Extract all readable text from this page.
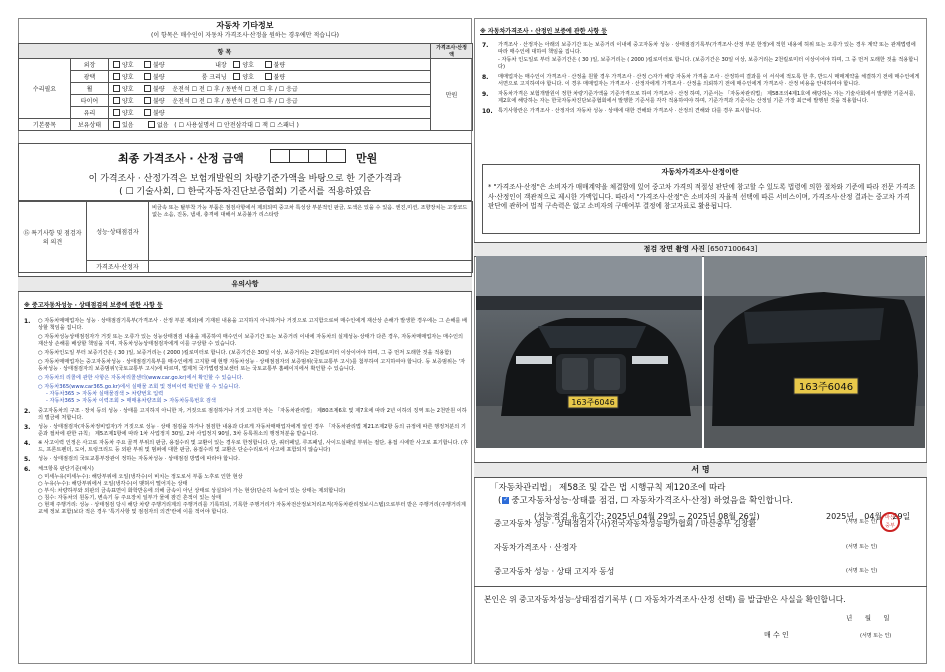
자동차 기타정보
(이 항목은 매수인이 자동차 가격조사·산정을 원하는 경우에만 적습니다)
항 목			가격조사·산정액
수리필요	외장	양호 불량 내장 양호 불량	만원
	광택	양호 불량 룸 크리닝 양호 불량	
	휠	양호 불량 운전석 ☐ 전 ☐ 후 / 동반석 ☐ 전 ☐ 후 / ☐ 응급	
	타이어	양호 불량 운전석 ☐ 전 ☐ 후 / 동반석 ☐ 전 ☐ 후 / ☐ 응급	
	유리	양호 불량	
기본품목	보유상태	있음 없음 ( ☐ 사용설명서 ☐ 안전삼각대 ☐ 잭 ☐ 스패너 )	
최종 가격조사 · 산정 금액	만원
이 가격조사 · 산정가격은 보험개발원의 차량기준가액을 바탕으로 한 기준가격과
( ☐ 기술사회, ☐ 한국자동차진단보증협회) 기준서를 적용하였음
⑮ 특기사항 및 점검자의 의견	성능·상태점검자	비금속 또는 탈부착 가능 부품은 점검사항에서 제외되며 중고차 특성상 부분적인 판금, 도색은 있을 수 있음. 엔진,미션, 조향장치는 고장코드없는 소음, 진동, 냄새, 충격에 대해서 보증불가 리스타랑
	가격조사·산정자	
유의사항
※ 중고자동차성능 · 상태점검의 보증에 관한 사항 등
1.	○ 자동차매매업자는 성능 · 상태점검기록부(가격조사 · 산정 부분 제외)에 기재된 내용을 고지하지 아니하거나 거짓으로 고지함으로써 매수인에게 재산상 손해가 발생한 경우에는 그 손해를 배상할 책임을 집니다.
○ 자동차성능상태점검자가 거짓 또는 오류가 있는 성능상태점검 내용을 제공하여 매수인이 보증기간 또는 보증거리 이내에 자동차의 실제성능·상태가 다른 경우, 자동차매매업자는 매수인의 재산상 손해를 배상할 책임을 지며, 자동차성능상태점검자에게 이를 구상할 수 있습니다.
○ 자동차인도일 부터 보증기간은 ( 30 )일, 보증거리는 ( 2000 )킬로미터로 합니다. (보증기간은 30일 이상, 보증거리는 2천킬로미터 이상이어야 하며, 그 중 먼저 도래한 것을 적용함)
○ 자동차매매업자는 중고자동차성능 · 상태점검기록부를 매수인에게 고지할 때 현행 자동차성능 · 상태점검자의 보증범위(국토교통부 고시)를 첨부하여 고지하여야 합니다. 동 보증범위는 '자동차성능 · 상태점검자의 보증범위'(국토교통부 고시)에 따르며, 법제처 국가법령정보센터 또는 국토교통부 홈페이지에서 확인할 수 있습니다.
○ 자동차의 리콜에 관한 사항은 자동차리콜센터(www.car.go.kr)에서 확인할 수 있습니다.
○ 자동차365(www.car365.go.kr)에서 실매물 조회 및 정비이력 확인할 할 수 있습니다.
- 자동차365 > 자동차 실매물검색 > 차량번호 입력
- 자동차365 > 자동차 이력조회 > 매매용차량조회 > 자동차등록번호 검색
2.	중고자동차의 구조 · 장치 등의 성능 · 상태를 고지하지 아니한 자, 거짓으로 점검하거나 거짓 고지한 자는 「자동차관리법」 제80조제6호 및 제7호에 따라 2년 이하의 징역 또는 2천만원 이하의 벌금에 처합니다.
3.	성능 · 상태점검자(자동차정비업자)가 거짓으로 성능 · 상태 점검을 하거나 점검한 내용과 다르게 자동차매매업자에게 알린 경우 「자동차관리법 제21조제2항 등의 규정에 따른 행정처분의 기준과 절차에 관한 규칙」 제5조제1항에 따라 1차 사업정지 30일, 2차 사업정지 90일, 3차 등록취소의 행정처분을 받습니다.
4.	※ 사고이력 인정은 사고로 자동차 주요 골격 부위의 판금, 용접수리 및 교환이 있는 경우로 한정합니다. 단, 쿼터패널, 루프패널, 사이드실패널 부위는 절단, 용접 시에만 사고로 표기합니다. (후드, 프론트펜더, 도어, 트렁크리드 등 외판 부위 및 범퍼에 대한 판금, 용접수리 및 교환은 단순수리로서 사고에 포함되지 않습니다)
5.	성능 · 상태점검의 국토교통부장관이 정하는 자동차성능 · 상태점검 방법에 따라야 합니다.
6.	체크항목 판단기준(예시)
○ 미세누유(미세누수): 해당부위에 오일(냉각수)이 비치는 정도로서 부품 노후로 인한 현상
○ 누유(누수): 해당부위에서 오일(냉각수)이 맺혀서 떨어지는 상태
○ 부식: 차량하부와 외판의 금속표면이 화학반응에 의해 금속이 아닌 상태로 상실되어 가는 현상(단순히 녹슬어 있는 상태는 제외합니다)
○ 침수: 자동차의 원동기, 변속기 등 주요장치 일부가 물에 잠긴 흔적이 있는 상태
○ 현재 주행거리: 성능 · 상태점검 당시 해당 차량 주행거리계의 주행거리를 기록하되, 기록한 주행거리가 자동차전산정보처리조직(자동차관리정보시스템)으로부터 받은 주행거리(주행거리계 교체 정보 포함)보다 적은 경우 '특기사항 및 점검자의 의견'란에 이를 적어야 합니다.
※ 자동차가격조사 · 산정인 보증에 관한 사항 등
7.	가격조사 · 산정자는 아래의 보증기간 또는 보증거리 이내에 중고자동차 성능 · 상태점검기록부(가격조사·산정 부분 한정)에 적힌 내용에 허위 또는 오류가 있는 경우 계약 또는 관계법령에 따라 매수인에 대하여 책임을 집니다.
- 자동차 인도일로 부터 보증기간은 ( 30 )일, 보증거리는 ( 2000 )킬로미터로 합니다. (보증기간은 30일 이상, 보증거리는 2천킬로미터 이상이어야 하며, 그 중 먼저 도래한 것을 적용합니다)
8.	매매업자는 매수인이 가격조사 · 산정을 원할 경우 가격조사 · 산정 ○자가 해당 자동차 가격을 조사 · 산정하여 결과를 이 서식에 적도록 한 후, 반드시 매매계약을 체결하기 전에 매수인에게 서면으로 고지하여야 합니다. 이 경우 매매업자는 가격조사 · 산정자에게 가격조사 · 산정을 의뢰하기 전에 매수인에게 가격조사 · 산정 비용을 안내하여야 합니다.
9.	자동차가격은 보험개발원이 정한 차량기준가액을 기준가격으로 하여 가격조사 · 산정 하며, 기준서는 「자동차관리법」 제58조의4제1호에 해당하는 자는 기술사회에서 발행한 기준서를, 제2호에 해당하는 자는 한국자동차진단보증협회에서 발행한 기준서를 각각 적용하여야 하며, 기준가격과 기준서는 산정일 기준 가장 최근에 발행된 것을 적용합니다.
10.	특기사항란은 가격조사 · 산정자의 자동차 성능 · 상태에 대한 견해와 가격조사 · 산정의 견해와 다를 경우 표시합니다.
자동차가격조사·산정이란
* "가격조사·산정"은 소비자가 매매계약을 체결함에 있어 중고차 가격의 적절성 판단에 참고할 수 있도록 법령에 의한 절차와 기준에 따라 전문 가격조사·산정인이 객관적으로 제시한 가액입니다. 따라서 "가격조사·산정"은 소비자의 자율적 선택에 따른 서비스이며, 가격조사·산정 결과는 중고차 가격판단에 관하여 법적 구속력은 없고 소비자의 구매여부 결정에 참고자료로 활용됩니다.
점검 장면 촬영 사진 [6507100643]
163주6046
163주6046
서 명
「자동차관리법」 제58조 및 같은 법 시행규칙 제120조에 따라
( ✓ 중고자동차성능·상태를 점검, ☐ 자동차가격조사·산정) 하였음을 확인합니다.
(성능점검 유효기간: 2025년 04월 29일 ~ 2025년 08월 26일)	2025년 04월 29일
중고자동차 성능 · 상태점검자 (사)전국자동차성능평가협회 / 마산중부 김창환	(서명 또는 인)
마산 중부
자동차가격조사 · 산정자	(서명 또는 인)
중고자동차 성능 · 상태 고지자 동성	(서명 또는 인)
본인은 위 중고자동차성능·상태점검기록부 ( ☐ 자동차가격조사·산정 선택) 를 발급받은 사실을 확인합니다.
년 월 일
매 수 인	(서명 또는 인)
